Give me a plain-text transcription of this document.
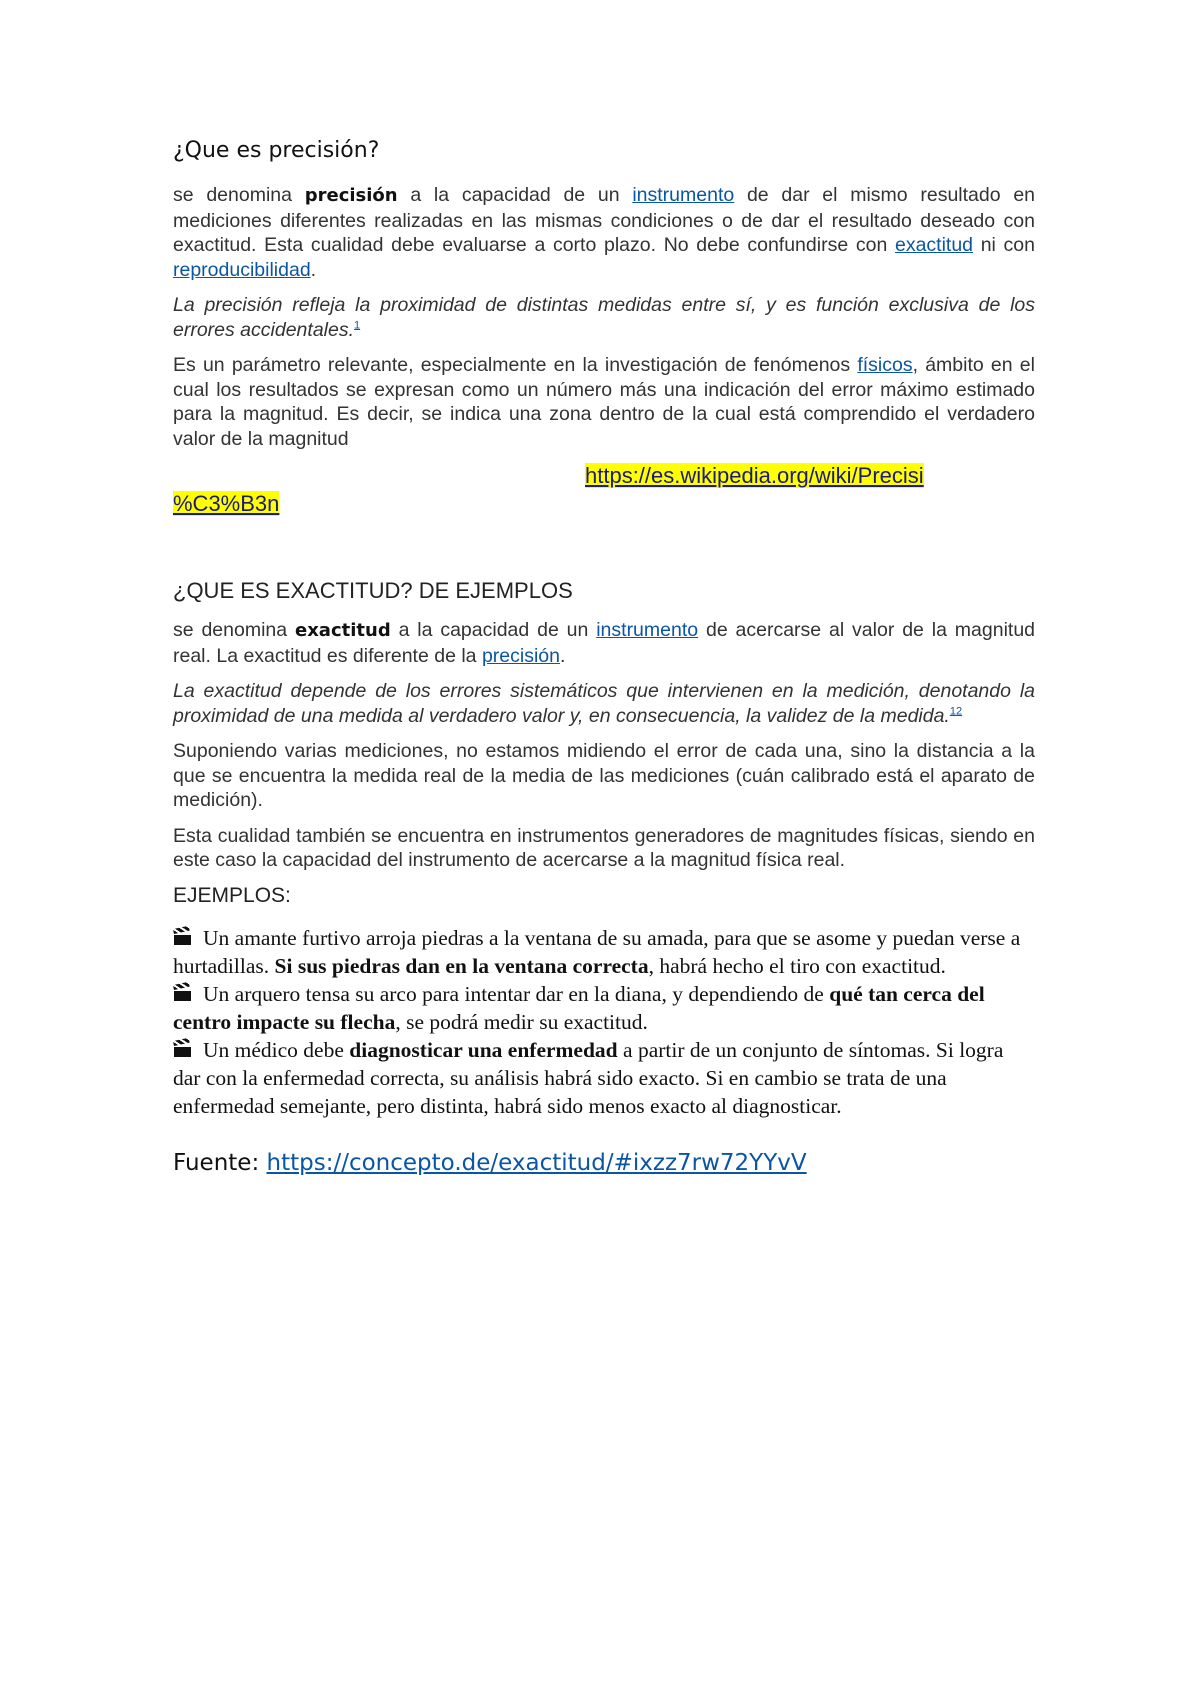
¿Que es precisión?

se denomina precisión a la capacidad de un instrumento de dar el mismo resultado en mediciones diferentes realizadas en las mismas condiciones o de dar el resultado deseado con exactitud. Esta cualidad debe evaluarse a corto plazo. No debe confundirse con exactitud ni con reproducibilidad.

La precisión refleja la proximidad de distintas medidas entre sí, y es función exclusiva de los errores accidentales.$^1$

Es un parámetro relevante, especialmente en la investigación de fenómenos físicos, ámbito en el cual los resultados se expresan como un número más una indicación del error máximo estimado para la magnitud. Es decir, se indica una zona dentro de la cual está comprendido el verdadero valor de la magnitud

https://es.wikipedia.org/wiki/Precisi
%C3%B3n
¿QUE ES EXACTITUD? DE EJEMPLOS

se denomina exactitud a la capacidad de un instrumento de acercarse al valor de la magnitud real. La exactitud es diferente de la precisión.

La exactitud depende de los errores sistemáticos que intervienen en la medición, denotando la proximidad de una medida al verdadero valor y, en consecuencia, la validez de la medida.$^{12}$

Suponiendo varias mediciones, no estamos midiendo el error de cada una, sino la distancia a la que se encuentra la medida real de la media de las mediciones (cuán calibrado está el aparato de medición).

Esta cualidad también se encuentra en instrumentos generadores de magnitudes físicas, siendo en este caso la capacidad del instrumento de acercarse a la magnitud física real.

EJEMPLOS:

Un amante furtivo arroja piedras a la ventana de su amada, para que se asome y puedan verse a hurtadillas. Si sus piedras dan en la ventana correcta, habrá hecho el tiro con exactitud.

Un arquero tensa su arco para intentar dar en la diana, y dependiendo de qué tan cerca del centro impacte su flecha, se podrá medir su exactitud.

Un médico debe diagnosticar una enfermedad a partir de un conjunto de síntomas. Si logra dar con la enfermedad correcta, su análisis habrá sido exacto. Si en cambio se trata de una enfermedad semejante, pero distinta, habrá sido menos exacto al diagnosticar.

Fuente: https://concepto.de/exactitud/#ixzz7rw72YYvV
